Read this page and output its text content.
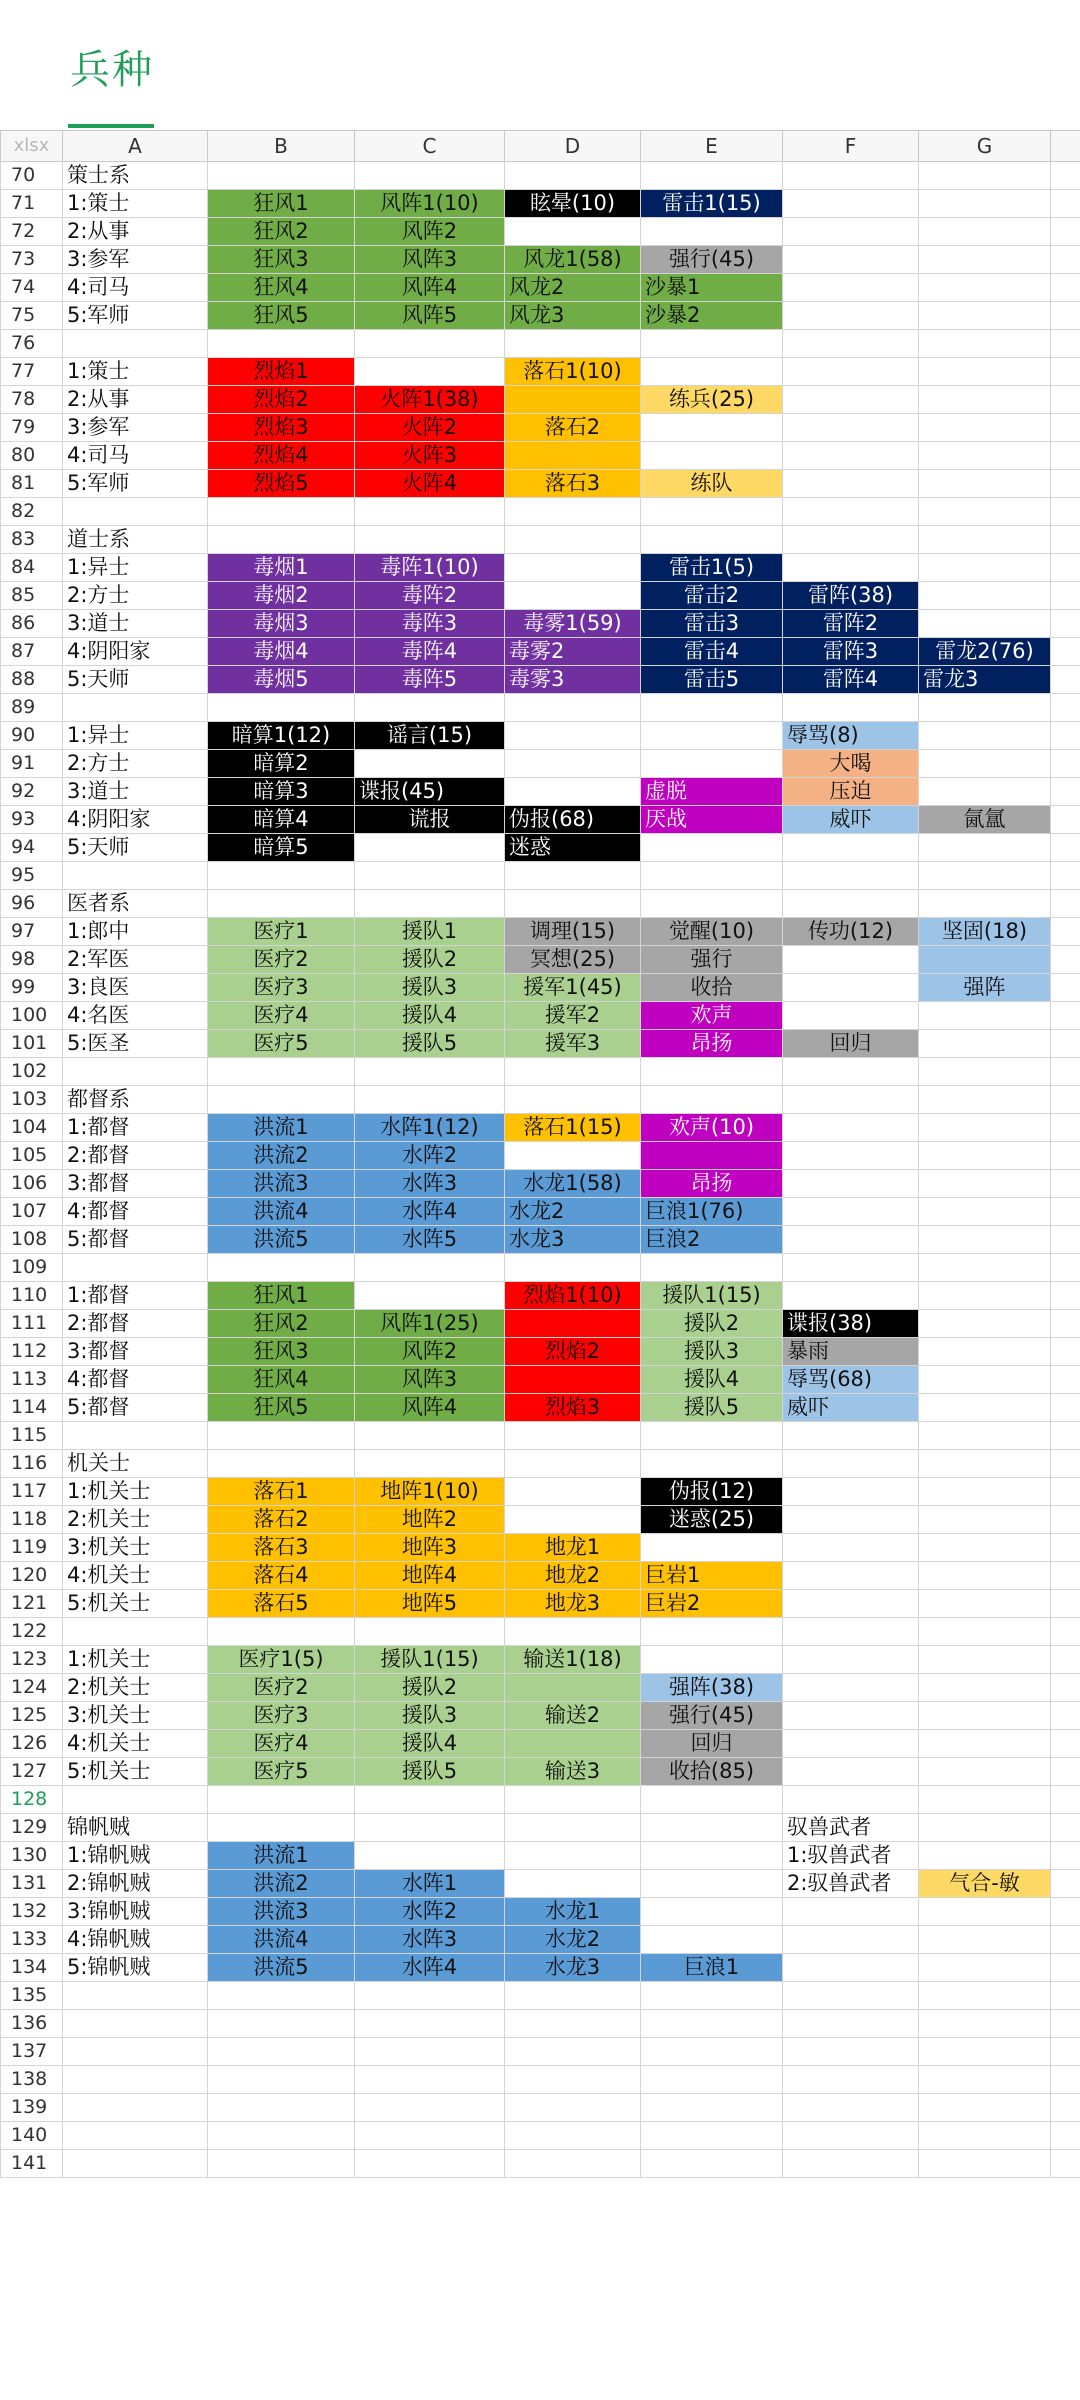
兵种
xlsx	A	B	C	D	E	F	G		
70	策士系								
71	1:策士	狂风1	风阵1(10)	眩晕(10)	雷击1(15)				
72	2:从事	狂风2	风阵2						
73	3:参军	狂风3	风阵3	风龙1(58)	强行(45)				
74	4:司马	狂风4	风阵4	风龙2	沙暴1				
75	5:军师	狂风5	风阵5	风龙3	沙暴2				
76									
77	1:策士	烈焰1		落石1(10)					
78	2:从事	烈焰2	火阵1(38)		练兵(25)				
79	3:参军	烈焰3	火阵2	落石2					
80	4:司马	烈焰4	火阵3						
81	5:军师	烈焰5	火阵4	落石3	练队				
82									
83	道士系								
84	1:异士	毒烟1	毒阵1(10)		雷击1(5)				
85	2:方士	毒烟2	毒阵2		雷击2	雷阵(38)			
86	3:道士	毒烟3	毒阵3	毒雾1(59)	雷击3	雷阵2			
87	4:阴阳家	毒烟4	毒阵4	毒雾2	雷击4	雷阵3	雷龙2(76)		
88	5:天师	毒烟5	毒阵5	毒雾3	雷击5	雷阵4	雷龙3		
89									
90	1:异士	暗算1(12)	谣言(15)			辱骂(8)			
91	2:方士	暗算2				大喝			
92	3:道士	暗算3	谍报(45)		虚脱	压迫			
93	4:阴阳家	暗算4	谎报	伪报(68)	厌战	威吓	氤氲		
94	5:天师	暗算5		迷惑					
95									
96	医者系								
97	1:郎中	医疗1	援队1	调理(15)	觉醒(10)	传功(12)	坚固(18)		
98	2:军医	医疗2	援队2	冥想(25)	强行				
99	3:良医	医疗3	援队3	援军1(45)	收拾		强阵		
100	4:名医	医疗4	援队4	援军2	欢声				
101	5:医圣	医疗5	援队5	援军3	昂扬	回归			
102									
103	都督系								
104	1:都督	洪流1	水阵1(12)	落石1(15)	欢声(10)				
105	2:都督	洪流2	水阵2						
106	3:都督	洪流3	水阵3	水龙1(58)	昂扬				
107	4:都督	洪流4	水阵4	水龙2	巨浪1(76)				
108	5:都督	洪流5	水阵5	水龙3	巨浪2				
109									
110	1:都督	狂风1		烈焰1(10)	援队1(15)				
111	2:都督	狂风2	风阵1(25)		援队2	谍报(38)			
112	3:都督	狂风3	风阵2	烈焰2	援队3	暴雨			
113	4:都督	狂风4	风阵3		援队4	辱骂(68)			
114	5:都督	狂风5	风阵4	烈焰3	援队5	威吓			
115									
116	机关士								
117	1:机关士	落石1	地阵1(10)		伪报(12)				
118	2:机关士	落石2	地阵2		迷惑(25)				
119	3:机关士	落石3	地阵3	地龙1					
120	4:机关士	落石4	地阵4	地龙2	巨岩1				
121	5:机关士	落石5	地阵5	地龙3	巨岩2				
122									
123	1:机关士	医疗1(5)	援队1(15)	输送1(18)					
124	2:机关士	医疗2	援队2		强阵(38)				
125	3:机关士	医疗3	援队3	输送2	强行(45)				
126	4:机关士	医疗4	援队4		回归				
127	5:机关士	医疗5	援队5	输送3	收拾(85)				
128									
129	锦帆贼					驭兽武者			
130	1:锦帆贼	洪流1				1:驭兽武者			
131	2:锦帆贼	洪流2	水阵1			2:驭兽武者	气合-敏		
132	3:锦帆贼	洪流3	水阵2	水龙1					
133	4:锦帆贼	洪流4	水阵3	水龙2					
134	5:锦帆贼	洪流5	水阵4	水龙3	巨浪1				
135									
136									
137									
138									
139									
140									
141									
